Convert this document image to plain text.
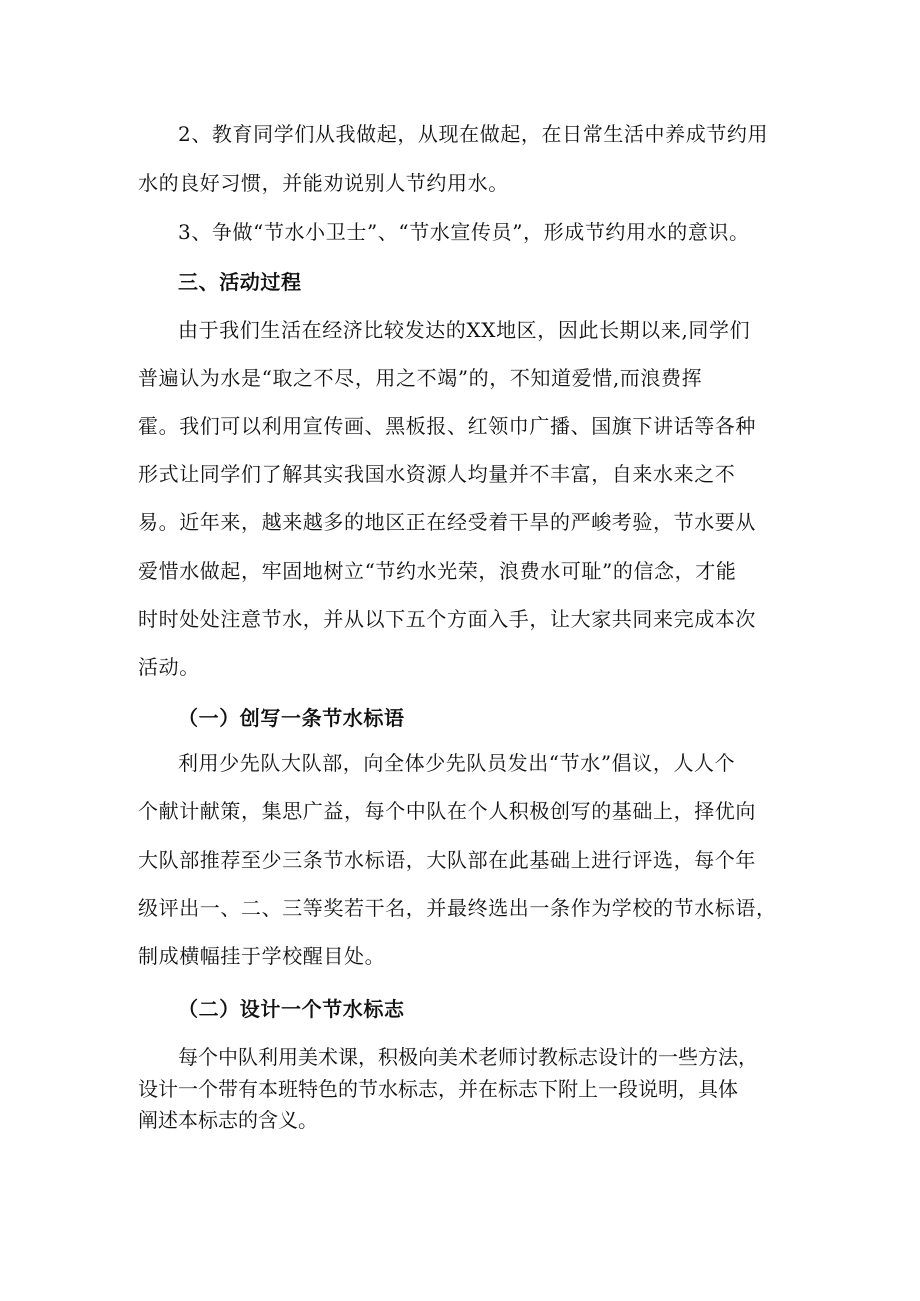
2、教育同学们从我做起，从现在做起，在日常生活中养成节约用
水的良好习惯，并能劝说别人节约用水。
3、争做“节水小卫士”、“节水宣传员”，形成节约用水的意识。
三、活动过程
由于我们生活在经济比较发达的XX地区，因此长期以来,同学们
普遍认为水是“取之不尽，用之不竭”的，不知道爱惜,而浪费挥
霍。我们可以利用宣传画、黑板报、红领巾广播、国旗下讲话等各种
形式让同学们了解其实我国水资源人均量并不丰富，自来水来之不
易。近年来，越来越多的地区正在经受着干旱的严峻考验，节水要从
爱惜水做起，牢固地树立“节约水光荣，浪费水可耻”的信念，才能
时时处处注意节水，并从以下五个方面入手，让大家共同来完成本次
活动。
（一）创写一条节水标语
利用少先队大队部，向全体少先队员发出“节水”倡议，人人个
个献计献策，集思广益，每个中队在个人积极创写的基础上，择优向
大队部推荐至少三条节水标语，大队部在此基础上进行评选，每个年
级评出一、二、三等奖若干名，并最终选出一条作为学校的节水标语，
制成横幅挂于学校醒目处。
（二）设计一个节水标志
每个中队利用美术课，积极向美术老师讨教标志设计的一些方法，
设计一个带有本班特色的节水标志，并在标志下附上一段说明，具体
阐述本标志的含义。
